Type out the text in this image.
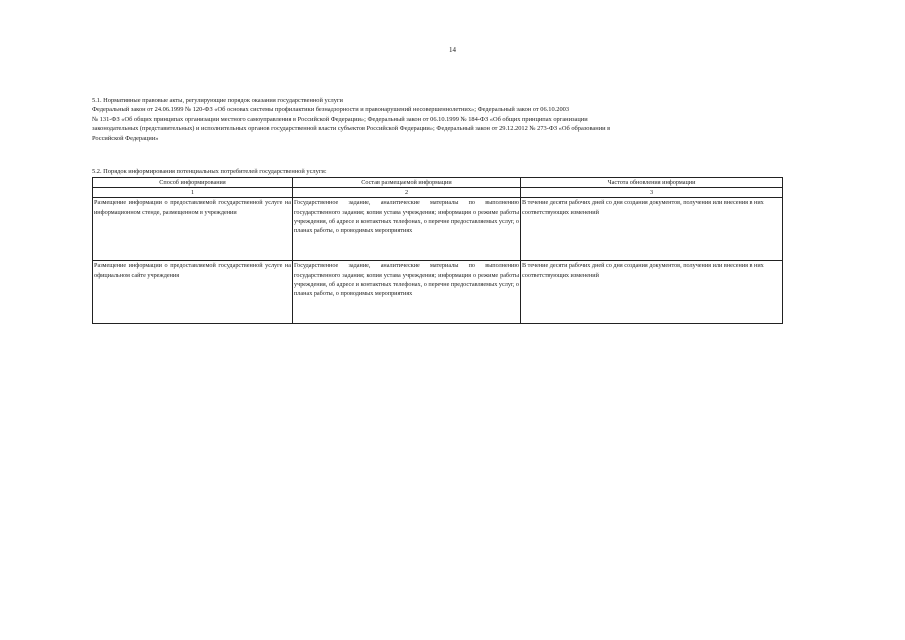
14

5.1. Нормативные правовые акты, регулирующие порядок оказания государственной услуги

Федеральный закон от 24.06.1999 № 120-ФЗ «Об основах системы профилактики безнадзорности и правонарушений несовершеннолетних»; Федеральный закон от 06.10.2003

№ 131-ФЗ «Об общих принципах организации местного самоуправления в Российской Федерации»; Федеральный закон от 06.10.1999 № 184-ФЗ «Об общих принципах организации

законодательных (представительных) и исполнительных органов государственной власти субъектов Российской Федерации»; Федеральный закон от 29.12.2012 № 273-ФЗ «Об образовании в

Российской Федерации»

5.2. Порядок информирования потенциальных потребителей государственной услуги:

Способ информирования	Состав размещаемой информации	Частота обновления информации
1	2	3
Размещение информации о предоставляемой государственной услуге на информационном стенде, размещенном в учреждении	Государственное задание, аналитические материалы по выполнению государственного задания; копия устава учреждения; информация о режиме работы учреждения, об адресе и контактных телефонах, о перечне предоставляемых услуг, о планах работы, о проводимых мероприятиях	В течение десяти рабочих дней со дня создания документов, получения или внесения в них соответствующих изменений
Размещение информации о предоставляемой государственной услуге на официальном сайте учреждения	Государственное задание, аналитические материалы по выполнению государственного задания; копия устава учреждения; информация о режиме работы учреждения, об адресе и контактных телефонах, о перечне предоставляемых услуг, о планах работы, о проводимых мероприятиях	В течение десяти рабочих дней со дня создания документов, получения или внесения в них соответствующих изменений
